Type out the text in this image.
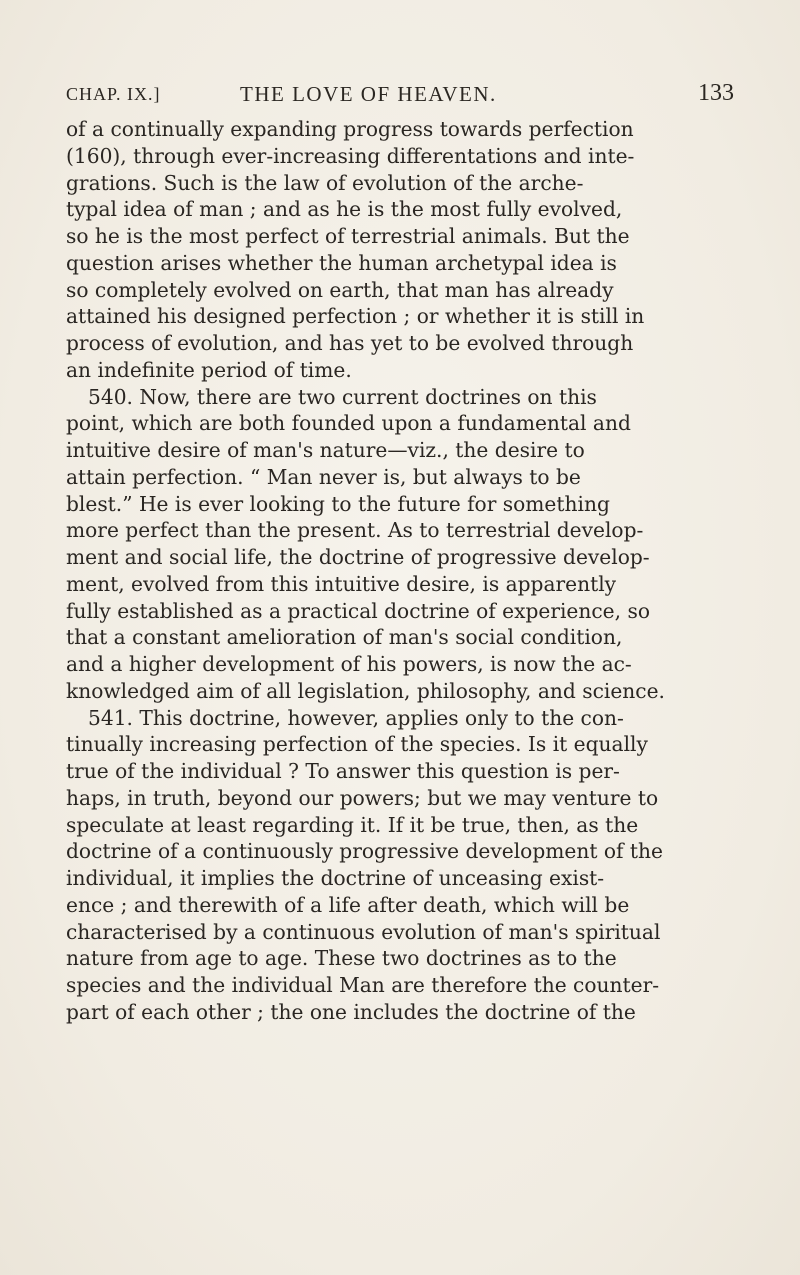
CHAP. IX.]	THE LOVE OF HEAVEN.	133
of a continually expanding progress towards perfection
(160), through ever-increasing differentations and inte-
grations. Such is the law of evolution of the arche-
typal idea of man ; and as he is the most fully evolved,
so he is the most perfect of terrestrial animals. But the
question arises whether the human archetypal idea is
so completely evolved on earth, that man has already
attained his designed perfection ; or whether it is still in
process of evolution, and has yet to be evolved through
an indefinite period of time.
540. Now, there are two current doctrines on this
point, which are both founded upon a fundamental and
intuitive desire of man's nature—viz., the desire to
attain perfection. “ Man never is, but always to be
blest.” He is ever looking to the future for something
more perfect than the present. As to terrestrial develop-
ment and social life, the doctrine of progressive develop-
ment, evolved from this intuitive desire, is apparently
fully established as a practical doctrine of experience, so
that a constant amelioration of man's social condition,
and a higher development of his powers, is now the ac-
knowledged aim of all legislation, philosophy, and science.
541. This doctrine, however, applies only to the con-
tinually increasing perfection of the species. Is it equally
true of the individual ? To answer this question is per-
haps, in truth, beyond our powers; but we may venture to
speculate at least regarding it. If it be true, then, as the
doctrine of a continuously progressive development of the
individual, it implies the doctrine of unceasing exist-
ence ; and therewith of a life after death, which will be
characterised by a continuous evolution of man's spiritual
nature from age to age. These two doctrines as to the
species and the individual Man are therefore the counter-
part of each other ; the one includes the doctrine of the
